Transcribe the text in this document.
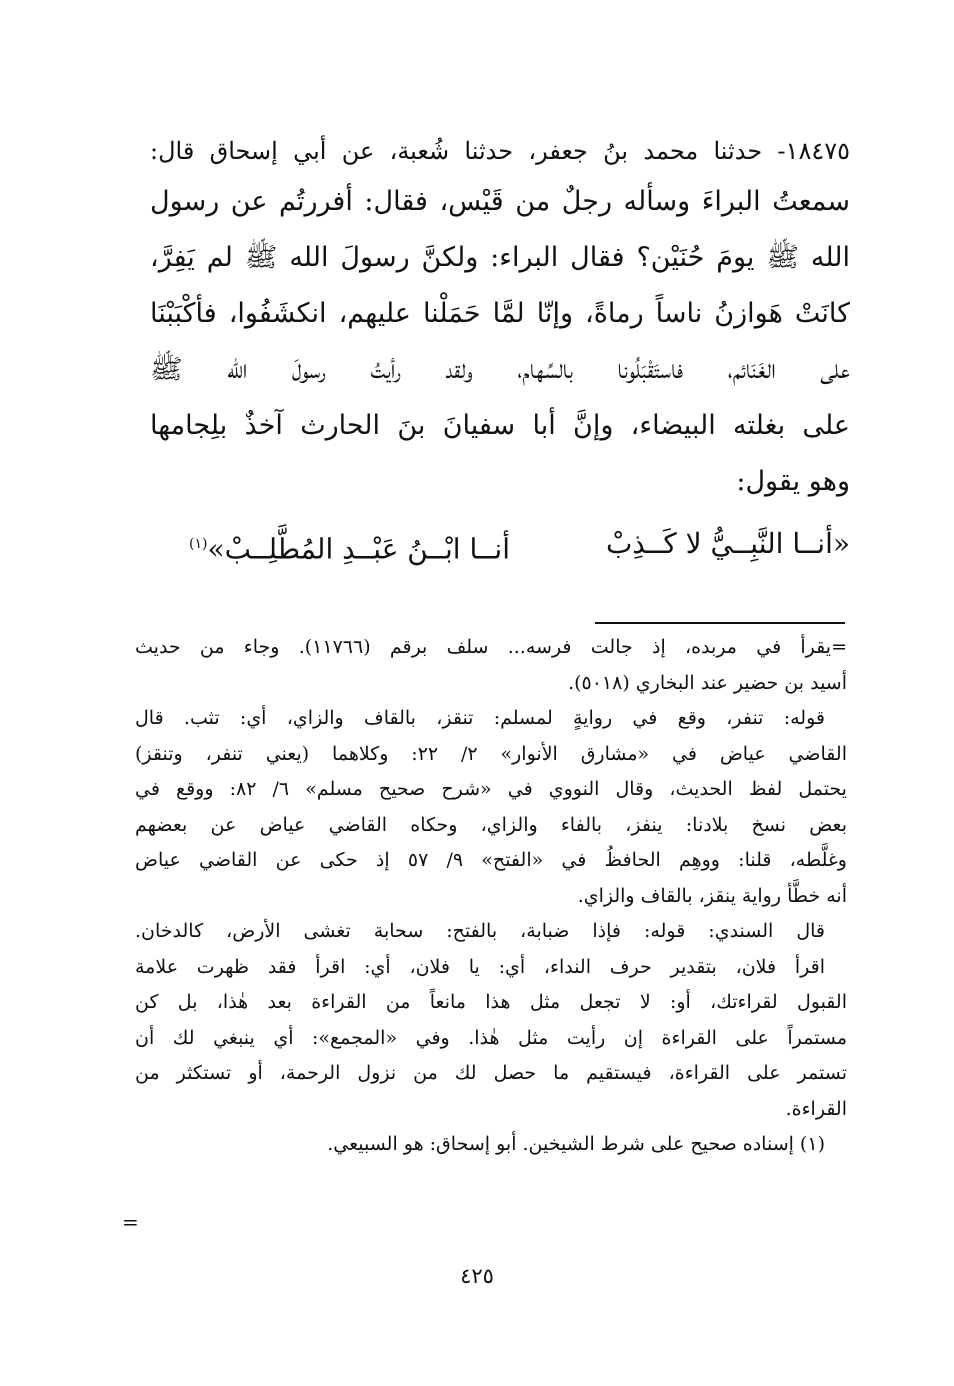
١٨٤٧٥- حدثنا محمد بنُ جعفر، حدثنا شُعبة، عن أبي إسحاق قال:
سمعتُ البراءَ وسأله رجلٌ من قَيْس، فقال: أفررتُم عن رسول
الله ﷺ يومَ حُنَيْن؟ فقال البراء: ولكنَّ رسولَ الله ﷺ لم يَفِرَّ،
كانَتْ هَوازنُ ناساً رماةً، وإنّا لمَّا حَمَلْنا عليهم، انكشَفُوا، فأكْبَبْنَا
على الغَنَائم، فاستَقْبَلُونا بالسِّهام، ولقد رأيتُ رسولَ الله ﷺ
على بغلته البيضاء، وإنَّ أبا سفيانَ بنَ الحارث آخذٌ بلِجامها
وهو يقول:
«أنــا النَّبِــيُّ لا كَــذِبْ
أنــا ابْــنُ عَبْــدِ المُطَّلِــبْ»$^{(١)}$
=يقرأ في مربده، إذ جالت فرسه... سلف برقم (١١٧٦٦). وجاء من حديث
أسيد بن حضير عند البخاري (٥٠١٨).
قوله: تنفر، وقع في روايةٍ لمسلم: تنقز، بالقاف والزاي، أي: تثب. قال
القاضي عياض في «مشارق الأنوار» ٢/ ٢٢: وكلاهما (يعني تنفر، وتنقز)
يحتمل لفظ الحديث، وقال النووي في «شرح صحيح مسلم» ٦/ ٨٢: ووقع في
بعض نسخ بلادنا: ينفز، بالفاء والزاي، وحكاه القاضي عياض عن بعضهم
وغلَّطه، قلنا: ووهِم الحافظُ في «الفتح» ٩/ ٥٧ إذ حكى عن القاضي عياض
أنه خطَّأ رواية ينقز، بالقاف والزاي.
قال السندي: قوله: فإذا ضبابة، بالفتح: سحابة تغشى الأرض، كالدخان.
اقرأ فلان، بتقدير حرف النداء، أي: يا فلان، أي: اقرأ فقد ظهرت علامة
القبول لقراءتك، أو: لا تجعل مثل هذا مانعاً من القراءة بعد هٰذا، بل كن
مستمراً على القراءة إن رأيت مثل هٰذا. وفي «المجمع»: أي ينبغي لك أن
تستمر على القراءة، فيستقيم ما حصل لك من نزول الرحمة، أو تستكثر من
القراءة.
(١) إسناده صحيح على شرط الشيخين. أبو إسحاق: هو السبيعي.
=
٤٢٥
